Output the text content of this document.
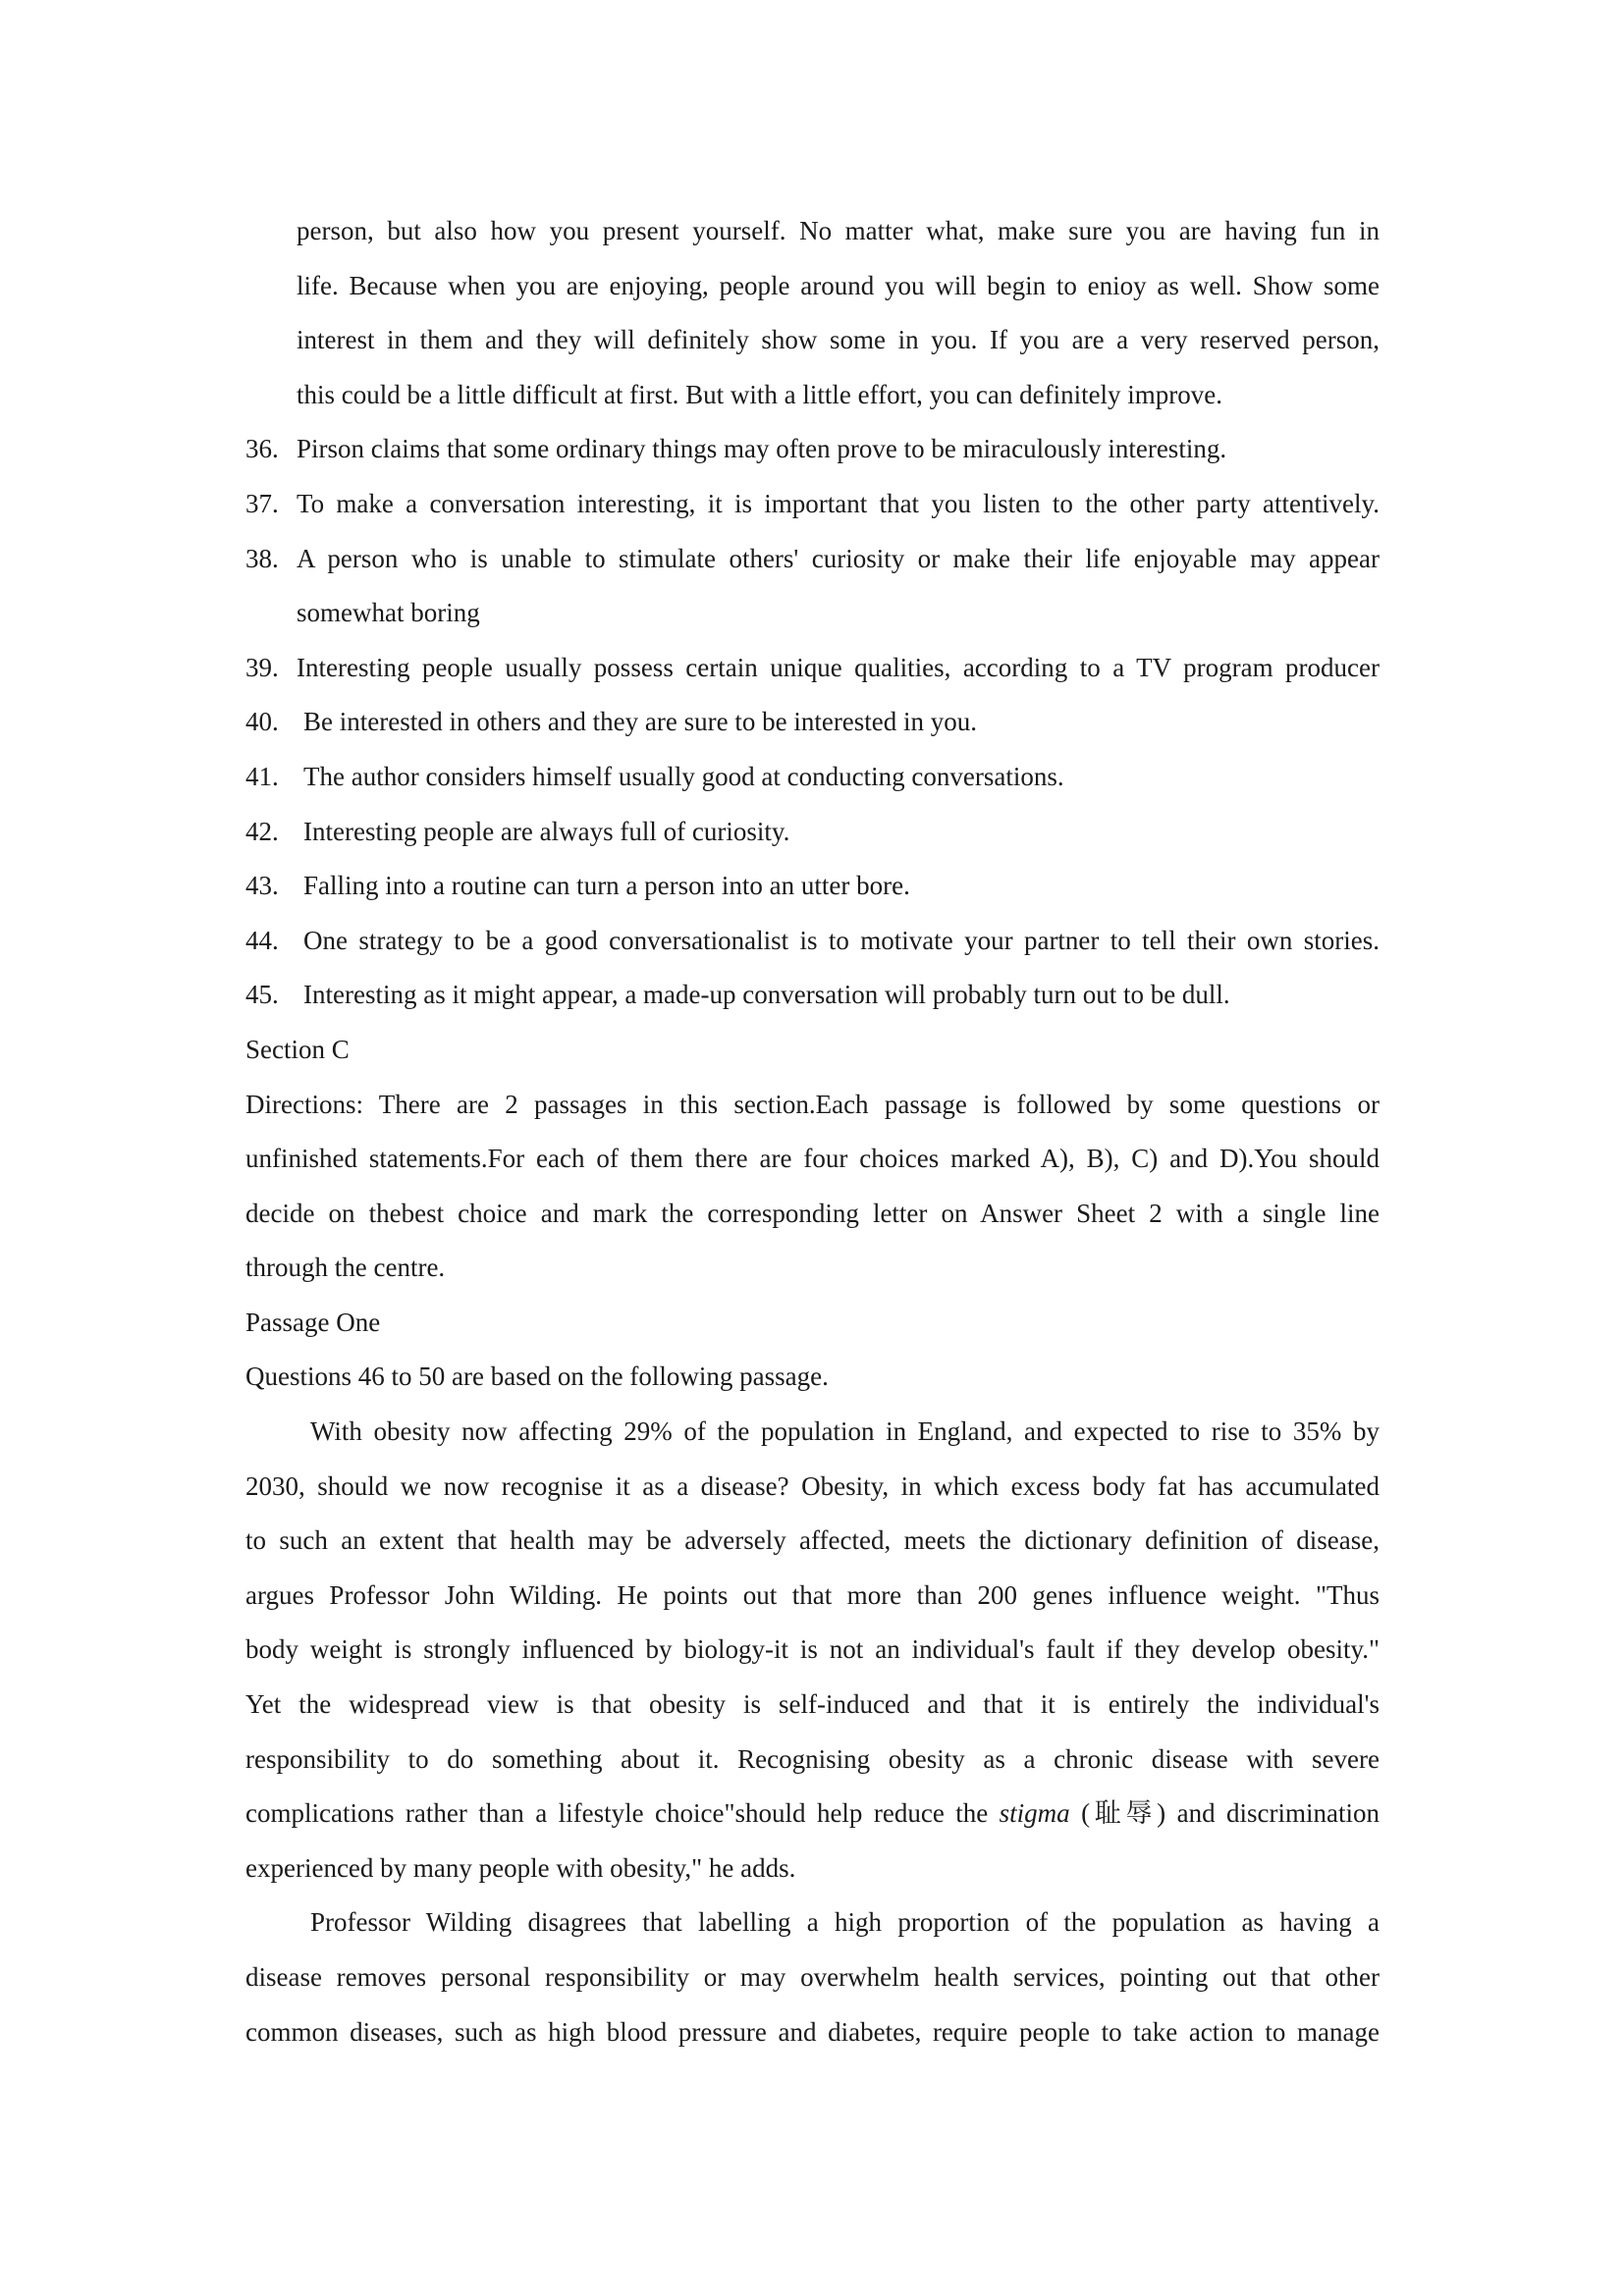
person, but also how you present yourself. No matter what, make sure you are having fun in
life. Because when you are enjoying, people around you will begin to enioy as well. Show some
interest in them and they will definitely show some in you. If you are a very reserved person,
this could be a little difficult at first. But with a little effort, you can definitely improve.
36. Pirson claims that some ordinary things may often prove to be miraculously interesting.
37. To make a conversation interesting, it is important that you listen to the other party attentively.
38. A person who is unable to stimulate others' curiosity or make their life enjoyable may appear
somewhat boring
39. Interesting people usually possess certain unique qualities, according to a TV program producer
40. Be interested in others and they are sure to be interested in you.
41. The author considers himself usually good at conducting conversations.
42. Interesting people are always full of curiosity.
43. Falling into a routine can turn a person into an utter bore.
44. One strategy to be a good conversationalist is to motivate your partner to tell their own stories.
45. Interesting as it might appear, a made-up conversation will probably turn out to be dull.
Section C
Directions: There are 2 passages in this section.Each passage is followed by some questions or
unfinished statements.For each of them there are four choices marked A), B), C) and D).You should
decide on thebest choice and mark the corresponding letter on Answer Sheet 2 with a single line
through the centre.
Passage One
Questions 46 to 50 are based on the following passage.
With obesity now affecting 29% of the population in England, and expected to rise to 35% by
2030, should we now recognise it as a disease? Obesity, in which excess body fat has accumulated
to such an extent that health may be adversely affected, meets the dictionary definition of disease,
argues Professor John Wilding. He points out that more than 200 genes influence weight. "Thus
body weight is strongly influenced by biology-it is not an individual's fault if they develop obesity."
Yet the widespread view is that obesity is self-induced and that it is entirely the individual's
responsibility to do something about it. Recognising obesity as a chronic disease with severe
complications rather than a lifestyle choice"should help reduce the stigma (耻辱) and discrimination
experienced by many people with obesity," he adds.
Professor Wilding disagrees that labelling a high proportion of the population as having a
disease removes personal responsibility or may overwhelm health services, pointing out that other
common diseases, such as high blood pressure and diabetes, require people to take action to manage
